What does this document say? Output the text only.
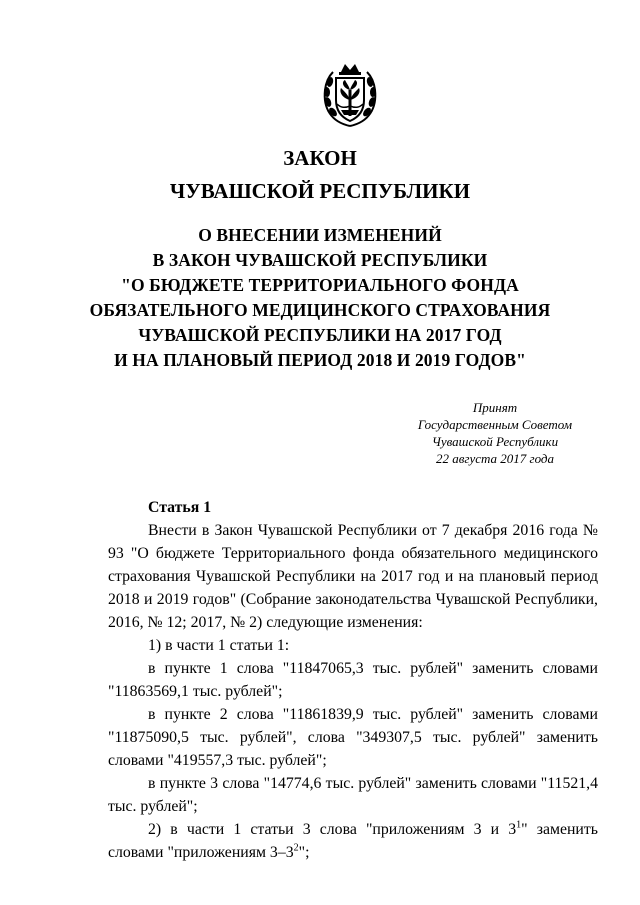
ЗАКОН
ЧУВАШСКОЙ РЕСПУБЛИКИ
О ВНЕСЕНИИ ИЗМЕНЕНИЙ
В ЗАКОН ЧУВАШСКОЙ РЕСПУБЛИКИ
"О БЮДЖЕТЕ ТЕРРИТОРИАЛЬНОГО ФОНДА
ОБЯЗАТЕЛЬНОГО МЕДИЦИНСКОГО СТРАХОВАНИЯ
ЧУВАШСКОЙ РЕСПУБЛИКИ НА 2017 ГОД
И НА ПЛАНОВЫЙ ПЕРИОД 2018 И 2019 ГОДОВ"
Принят
Государственным Советом
Чувашской Республики
22 августа 2017 года
Статья 1

Внести в Закон Чувашской Республики от 7 декабря 2016 года № 93 "О бюджете Территориального фонда обязательного медицинского страхования Чувашской Республики на 2017 год и на плановый период 2018 и 2019 годов" (Собрание законодательства Чувашской Республики, 2016, № 12; 2017, № 2) следующие изменения:

1) в части 1 статьи 1:

в пункте 1 слова "11847065,3 тыс. рублей" заменить словами "11863569,1 тыс. рублей";

в пункте 2 слова "11861839,9 тыс. рублей" заменить словами "11875090,5 тыс. рублей", слова "349307,5 тыс. рублей" заменить словами "419557,3 тыс. рублей";

в пункте 3 слова "14774,6 тыс. рублей" заменить словами "11521,4 тыс. рублей";

2) в части 1 статьи 3 слова "приложениям 3 и $3^1$" заменить словами "приложениям $3-3^2$";
